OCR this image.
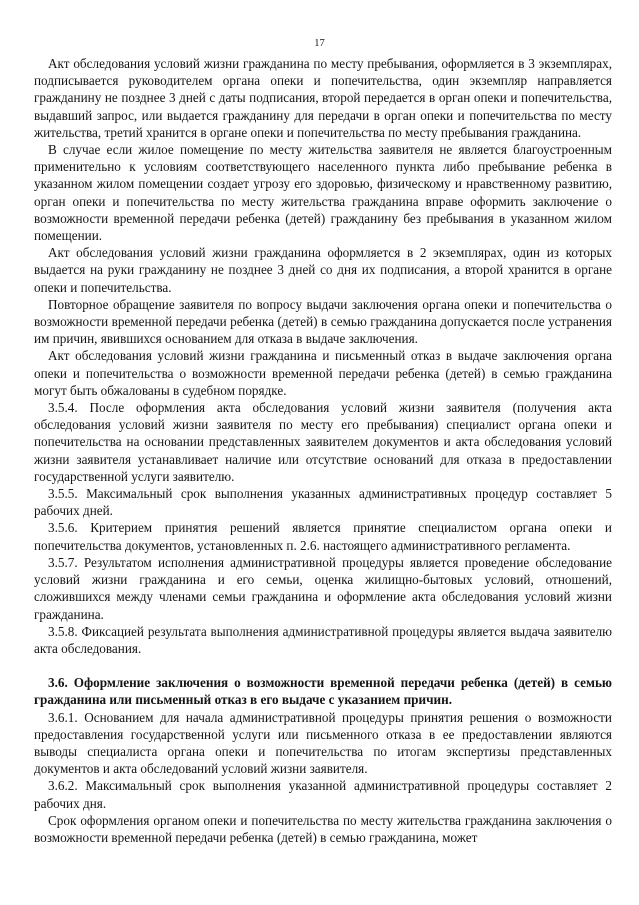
17

Акт обследования условий жизни гражданина по месту пребывания, оформляется в 3 экземплярах, подписывается руководителем органа опеки и попечительства, один экземпляр направляется гражданину не позднее 3 дней с даты подписания, второй передается в орган опеки и попечительства, выдавший запрос, или выдается гражданину для передачи в орган опеки и попечительства по месту жительства, третий хранится в органе опеки и попечительства по месту пребывания гражданина.

В случае если жилое помещение по месту жительства заявителя не является благоустроенным применительно к условиям соответствующего населенного пункта либо пребывание ребенка в указанном жилом помещении создает угрозу его здоровью, физическому и нравственному развитию, орган опеки и попечительства по месту жительства гражданина вправе оформить заключение о возможности временной передачи ребенка (детей) гражданину без пребывания в указанном жилом помещении.

Акт обследования условий жизни гражданина оформляется в 2 экземплярах, один из которых выдается на руки гражданину не позднее 3 дней со дня их подписания, а второй хранится в органе опеки и попечительства.

Повторное обращение заявителя по вопросу выдачи заключения органа опеки и попечительства о возможности временной передачи ребенка (детей) в семью гражданина допускается после устранения им причин, явившихся основанием для отказа в выдаче заключения.

Акт обследования условий жизни гражданина и письменный отказ в выдаче заключения органа опеки и попечительства о возможности временной передачи ребенка (детей) в семью гражданина могут быть обжалованы в судебном порядке.

3.5.4. После оформления акта обследования условий жизни заявителя (получения акта обследования условий жизни заявителя по месту его пребывания) специалист органа опеки и попечительства на основании представленных заявителем документов и акта обследования условий жизни заявителя устанавливает наличие или отсутствие оснований для отказа в предоставлении государственной услуги заявителю.

3.5.5. Максимальный срок выполнения указанных административных процедур составляет 5 рабочих дней.

3.5.6. Критерием принятия решений является принятие специалистом органа опеки и попечительства документов, установленных п. 2.6. настоящего административного регламента.

3.5.7. Результатом исполнения административной процедуры является проведение обследование условий жизни гражданина и его семьи, оценка жилищно-бытовых условий, отношений, сложившихся между членами семьи гражданина и оформление акта обследования условий жизни гражданина.

3.5.8. Фиксацией результата выполнения административной процедуры является выдача заявителю акта обследования.

3.6. Оформление заключения о возможности временной передачи ребенка (детей) в семью гражданина или письменный отказ в его выдаче с указанием причин.

3.6.1. Основанием для начала административной процедуры принятия решения о возможности предоставления государственной услуги или письменного отказа в ее предоставлении являются выводы специалиста органа опеки и попечительства по итогам экспертизы представленных документов и акта обследований условий жизни заявителя.

3.6.2. Максимальный срок выполнения указанной административной процедуры составляет 2 рабочих дня.

Срок оформления органом опеки и попечительства по месту жительства гражданина заключения о возможности временной передачи ребенка (детей) в семью гражданина, может
